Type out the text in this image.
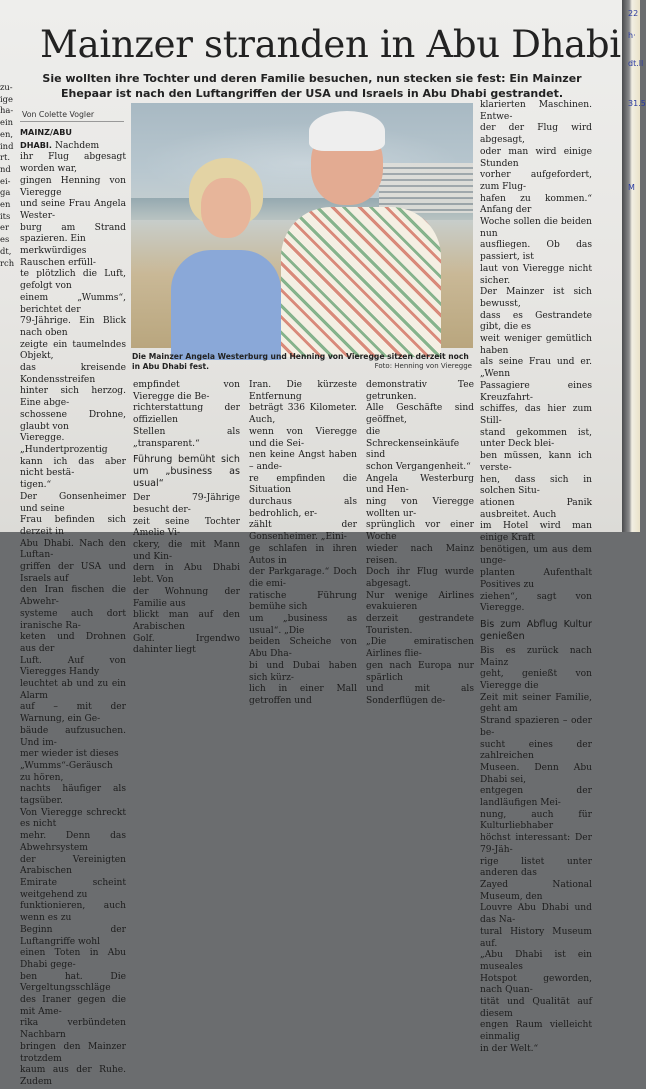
Mainzer stranden in Abu Dhabi
Sie wollten ihre Tochter und deren Familie besuchen, nun stecken sie fest: Ein Mainzer Ehepaar ist nach den Luftangriffen der USA und Israels in Abu Dhabi gestrandet.
Von Colette Vogler
zu-
ige
ha-
ein
en,
ind
rt.
nd
ei-
ga
en
its
er
es
dt,
rch
MAINZ/ABU DHABI. Nachdem
ihr Flug abgesagt worden war,
gingen Henning von Viereggе
und seine Frau Angela Wester-
burg am Strand spazieren. Ein
merkwürdiges Rauschen erfüll-
te plötzlich die Luft, gefolgt von
einem „Wumms“, berichtet der
79-Jährige. Ein Blick nach oben
zeigte ein taumelndes Objekt,
das kreisende Kondensstreifen
hinter sich herzog. Eine abge-
schossene Drohne, glaubt von
Vieregge. „Hundertprozentig
kann ich das aber nicht bestä-
tigen.“
Der Gonsenheimer und seine
Frau befinden sich derzeit in
Abu Dhabi. Nach den Luftan-
griffen der USA und Israels auf
den Iran fischen die Abwehr-
systeme auch dort iranische Ra-
keten und Drohnen aus der
Luft. Auf von Vieregges Handy
leuchtet ab und zu ein Alarm
auf – mit der Warnung, ein Ge-
bäude aufzusuchen. Und im-
mer wieder ist dieses
„Wumms“-Geräusch zu hören,
nachts häufiger als tagsüber.
Von Vieregge schreckt es nicht
mehr. Denn das Abwehrsystem
der Vereinigten Arabischen
Emirate scheint weitgehend zu
funktionieren, auch wenn es zu
Beginn der Luftangriffe wohl
einen Toten in Abu Dhabi gege-
ben hat. Die Vergeltungsschläge
des Iraner gegen die mit Ame-
rika verbündeten Nachbarn
bringen den Mainzer trotzdem
kaum aus der Ruhe. Zudem
Die Mainzer Angela Westerburg und Henning von Vieregge sitzen derzeit noch in Abu Dhabi fest.	Foto: Henning von Vieregge
empfindet von Vieregge die Be-
richterstattung der offiziellen
Stellen als „transparent.“
Führung bemüht sich um „business as usual“
Der 79-Jährige besucht der-
zeit seine Tochter Amelie Vi-
ckery, die mit Mann und Kin-
dern in Abu Dhabi lebt. Von
der Wohnung der Familie aus
blickt man auf den Arabischen
Golf. Irgendwo dahinter liegt
Iran. Die kürzeste Entfernung
beträgt 336 Kilometer. Auch,
wenn von Vieregge und die Sei-
nen keine Angst haben – ande-
re empfinden die Situation
durchaus als bedrohlich, er-
zählt der Gonsenheimer. „Eini-
ge schlafen in ihren Autos in
der Parkgarage.“ Doch die emi-
ratische Führung bemühe sich
um „business as usual“. „Die
beiden Scheiche von Abu Dha-
bi und Dubai haben sich kürz-
lich in einer Mall getroffen und
demonstrativ Tee getrunken.
Alle Geschäfte sind geöffnet,
die Schreckenseinkäufe sind
schon Vergangenheit.“
Angela Westerburg und Hen-
ning von Vieregge wollten ur-
sprünglich vor einer Woche
wieder nach Mainz reisen.
Doch ihr Flug wurde abgesagt.
Nur wenige Airlines evakuieren
derzeit gestrandete Touristen.
„Die emiratischen Airlines flie-
gen nach Europa nur spärlich
und mit als Sonderflügen de-
klarierten Maschinen. Entwe-
der der Flug wird abgesagt,
oder man wird einige Stunden
vorher aufgefordert, zum Flug-
hafen zu kommen.“ Anfang der
Woche sollen die beiden nun
ausfliegen. Ob das passiert, ist
laut von Vieregge nicht sicher.
Der Mainzer ist sich bewusst,
dass es Gestrandete gibt, die es
weit weniger gemütlich haben
als seine Frau und er. „Wenn
Passagiere eines Kreuzfahrt-
schiffes, das hier zum Still-
stand gekommen ist, unter Deck blei-
ben müssen, kann ich verste-
hen, dass sich in solchen Situ-
ationen Panik ausbreitet. Auch
im Hotel wird man einige Kraft
benötigen, um aus dem unge-
planten Aufenthalt Positives zu
ziehen“, sagt von Vieregge.
Bis zum Abflug Kultur genießen
Bis es zurück nach Mainz
geht, genießt von Vieregge die
Zeit mit seiner Familie, geht am
Strand spazieren – oder be-
sucht eines der zahlreichen
Museen. Denn Abu Dhabi sei,
entgegen der landläufigen Mei-
nung, auch für Kulturliebhaber
höchst interessant: Der 79-Jäh-
rige listet unter anderen das
Zayed National Museum, den
Louvre Abu Dhabi und das Na-
tural History Museum auf.
„Abu Dhabi ist ein museales
Hotspot geworden, nach Quan-
tität und Qualität auf diesem
engen Raum vielleicht einmalig
in der Welt.“
22
h·
dt.ll
31.5
M
